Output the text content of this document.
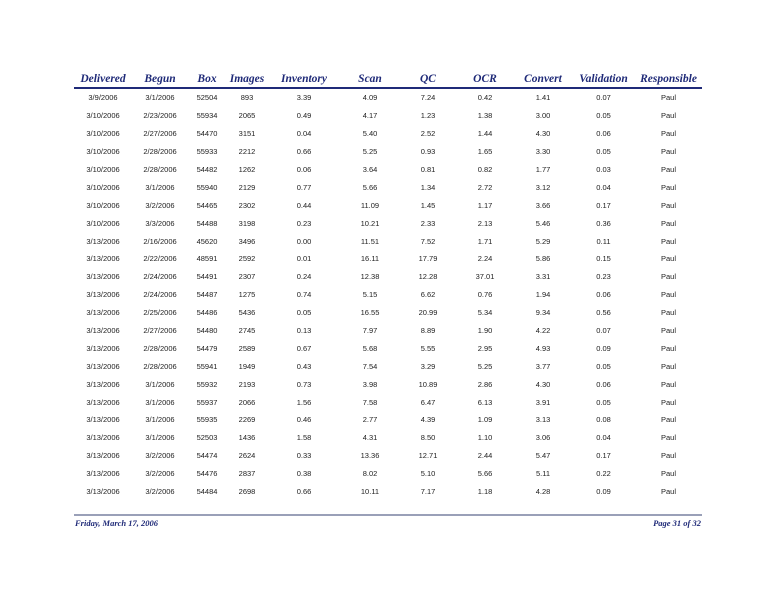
Delivered	Begun	Box	Images	Inventory	Scan	QC	OCR	Convert	Validation	Responsible
3/9/2006	3/1/2006	52504	893	3.39	4.09	7.24	0.42	1.41	0.07	Paul
3/10/2006	2/23/2006	55934	2065	0.49	4.17	1.23	1.38	3.00	0.05	Paul
3/10/2006	2/27/2006	54470	3151	0.04	5.40	2.52	1.44	4.30	0.06	Paul
3/10/2006	2/28/2006	55933	2212	0.66	5.25	0.93	1.65	3.30	0.05	Paul
3/10/2006	2/28/2006	54482	1262	0.06	3.64	0.81	0.82	1.77	0.03	Paul
3/10/2006	3/1/2006	55940	2129	0.77	5.66	1.34	2.72	3.12	0.04	Paul
3/10/2006	3/2/2006	54465	2302	0.44	11.09	1.45	1.17	3.66	0.17	Paul
3/10/2006	3/3/2006	54488	3198	0.23	10.21	2.33	2.13	5.46	0.36	Paul
3/13/2006	2/16/2006	45620	3496	0.00	11.51	7.52	1.71	5.29	0.11	Paul
3/13/2006	2/22/2006	48591	2592	0.01	16.11	17.79	2.24	5.86	0.15	Paul
3/13/2006	2/24/2006	54491	2307	0.24	12.38	12.28	37.01	3.31	0.23	Paul
3/13/2006	2/24/2006	54487	1275	0.74	5.15	6.62	0.76	1.94	0.06	Paul
3/13/2006	2/25/2006	54486	5436	0.05	16.55	20.99	5.34	9.34	0.56	Paul
3/13/2006	2/27/2006	54480	2745	0.13	7.97	8.89	1.90	4.22	0.07	Paul
3/13/2006	2/28/2006	54479	2589	0.67	5.68	5.55	2.95	4.93	0.09	Paul
3/13/2006	2/28/2006	55941	1949	0.43	7.54	3.29	5.25	3.77	0.05	Paul
3/13/2006	3/1/2006	55932	2193	0.73	3.98	10.89	2.86	4.30	0.06	Paul
3/13/2006	3/1/2006	55937	2066	1.56	7.58	6.47	6.13	3.91	0.05	Paul
3/13/2006	3/1/2006	55935	2269	0.46	2.77	4.39	1.09	3.13	0.08	Paul
3/13/2006	3/1/2006	52503	1436	1.58	4.31	8.50	1.10	3.06	0.04	Paul
3/13/2006	3/2/2006	54474	2624	0.33	13.36	12.71	2.44	5.47	0.17	Paul
3/13/2006	3/2/2006	54476	2837	0.38	8.02	5.10	5.66	5.11	0.22	Paul
3/13/2006	3/2/2006	54484	2698	0.66	10.11	7.17	1.18	4.28	0.09	Paul
Friday, March 17, 2006	Page 31 of 32
